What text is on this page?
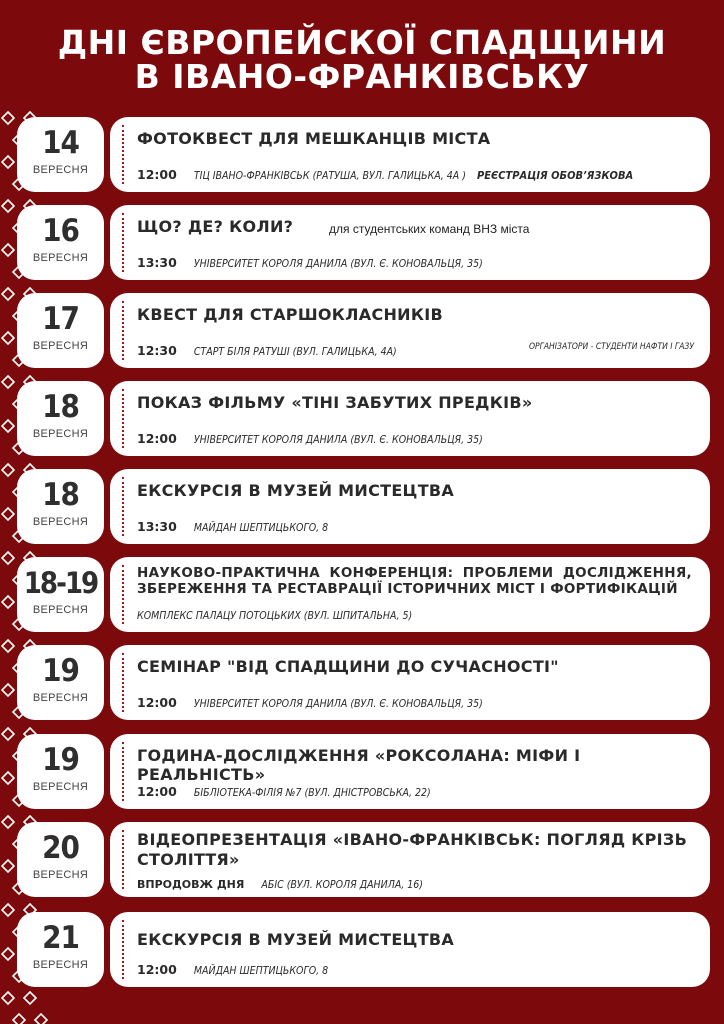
ДНІ ЄВРОПЕЙСКОЇ СПАДЩИНИ
В ІВАНО-ФРАНКІВСЬКУ
14
ВЕРЕСНЯ
ФОТОКВЕСТ ДЛЯ МЕШКАНЦІВ МІСТА
12:00 ТІЦ ІВАНО-ФРАНКІВСЬК (РАТУША, ВУЛ. ГАЛИЦЬКА, 4А ) РЕЄСТРАЦІЯ ОБОВ’ЯЗКОВА
16
ВЕРЕСНЯ
ЩО? ДЕ? КОЛИ?	для студентських команд ВНЗ міста
13:30 УНІВЕРСИТЕТ КОРОЛЯ ДАНИЛА (ВУЛ. Є. КОНОВАЛЬЦЯ, 35)
17
ВЕРЕСНЯ
КВЕСТ ДЛЯ СТАРШОКЛАСНИКІВ
12:30 СТАРТ БІЛЯ РАТУШІ (ВУЛ. ГАЛИЦЬКА, 4А)	ОРГАНІЗАТОРИ - СТУДЕНТИ НАФТИ І ГАЗУ
18
ВЕРЕСНЯ
ПОКАЗ ФІЛЬМУ «ТІНІ ЗАБУТИХ ПРЕДКІВ»
12:00 УНІВЕРСИТЕТ КОРОЛЯ ДАНИЛА (ВУЛ. Є. КОНОВАЛЬЦЯ, 35)
18
ВЕРЕСНЯ
ЕКСКУРСІЯ В МУЗЕЙ МИСТЕЦТВА
13:30 МАЙДАН ШЕПТИЦЬКОГО, 8
18-19
ВЕРЕСНЯ
НАУКОВО-ПРАКТИЧНА КОНФЕРЕНЦІЯ: ПРОБЛЕМИ ДОСЛІДЖЕННЯ, ЗБЕРЕЖЕННЯ ТА РЕСТАВРАЦІЇ ІСТОРИЧНИХ МІСТ І ФОРТИФІКАЦІЙ
КОМПЛЕКС ПАЛАЦУ ПОТОЦЬКИХ (ВУЛ. ШПИТАЛЬНА, 5)
19
ВЕРЕСНЯ
СЕМІНАР "ВІД СПАДЩИНИ ДО СУЧАСНОСТІ"
12:00 УНІВЕРСИТЕТ КОРОЛЯ ДАНИЛА (ВУЛ. Є. КОНОВАЛЬЦЯ, 35)
19
ВЕРЕСНЯ
ГОДИНА-ДОСЛІДЖЕННЯ «РОКСОЛАНА: МІФИ І РЕАЛЬНІСТЬ»
12:00 БІБЛІОТЕКА-ФІЛІЯ №7 (ВУЛ. ДНІСТРОВСЬКА, 22)
20
ВЕРЕСНЯ
ВІДЕОПРЕЗЕНТАЦІЯ «ІВАНО-ФРАНКІВСЬК: ПОГЛЯД КРІЗЬ СТОЛІТТЯ»
ВПРОДОВЖ ДНЯ АБІС (ВУЛ. КОРОЛЯ ДАНИЛА, 16)
21
ВЕРЕСНЯ
ЕКСКУРСІЯ В МУЗЕЙ МИСТЕЦТВА
12:00 МАЙДАН ШЕПТИЦЬКОГО, 8
